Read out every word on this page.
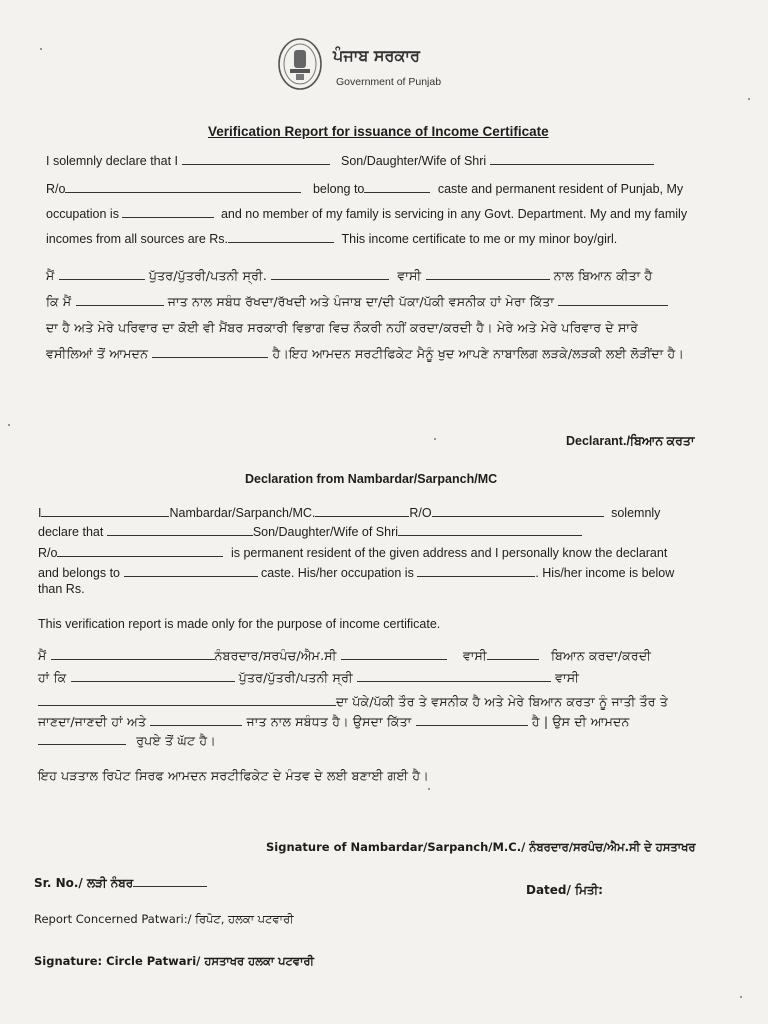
ਪੰਜਾਬ ਸਰਕਾਰ
Government of Punjab
Verification Report for issuance of Income Certificate
I solemnly declare that I	Son/Daughter/Wife of Shri
R/o	belong to	caste and permanent resident of Punjab, My
occupation is	and no member of my family is servicing in any Govt. Department. My and my family
incomes from all sources are Rs.	This income certificate to me or my minor boy/girl.
ਮੈਂ	ਪੁੱਤਰ/ਪੁੱਤਰੀ/ਪਤਨੀ ਸ੍ਰੀ.	ਵਾਸੀ	ਨਾਲ ਬਿਆਨ ਕੀਤਾ ਹੈ
ਕਿ ਮੈਂ	ਜਾਤ ਨਾਲ ਸਬੰਧ ਰੱਖਦਾ/ਰੱਖਦੀ ਅਤੇ ਪੰਜਾਬ ਦਾ/ਦੀ ਪੱਕਾ/ਪੱਕੀ ਵਸਨੀਕ ਹਾਂ ਮੇਰਾ ਕਿੱਤਾ
ਦਾ ਹੈ ਅਤੇ ਮੇਰੇ ਪਰਿਵਾਰ ਦਾ ਕੋਈ ਵੀ ਮੈਂਬਰ ਸਰਕਾਰੀ ਵਿਭਾਗ ਵਿਚ ਨੌਕਰੀ ਨਹੀਂ ਕਰਦਾ/ਕਰਦੀ ਹੈ। ਮੇਰੇ ਅਤੇ ਮੇਰੇ ਪਰਿਵਾਰ ਦੇ ਸਾਰੇ
ਵਸੀਲਿਆਂ ਤੋਂ ਆਮਦਨ	ਹੈ।ਇਹ ਆਮਦਨ ਸਰਟੀਫਿਕੇਟ ਮੈਨੂੰ ਖੁਦ ਆਪਣੇ ਨਾਬਾਲਿਗ ਲੜਕੇ/ਲੜਕੀ ਲਈ ਲੋੜੀਂਦਾ ਹੈ।
Declarant./ਬਿਆਨ ਕਰਤਾ
Declaration from Nambardar/Sarpanch/MC
I	Nambardar/Sarpanch/MC.	R/O	solemnly
declare that	Son/Daughter/Wife of Shri
R/o	is permanent resident of the given address and I personally know the declarant
and belongs to	caste. His/her occupation is	. His/her income is below
than Rs.
This verification report is made only for the purpose of income certificate.
ਮੈਂ	ਨੰਬਰਦਾਰ/ਸਰਪੰਚ/ਐਮ.ਸੀ	ਵਾਸੀ	ਬਿਆਨ ਕਰਦਾ/ਕਰਦੀ
ਹਾਂ ਕਿ	ਪੁੱਤਰ/ਪੁੱਤਰੀ/ਪਤਨੀ ਸ੍ਰੀ	ਵਾਸੀ
ਦਾ ਪੱਕੇ/ਪੱਕੀ ਤੌਰ ਤੇ ਵਸਨੀਕ ਹੈ ਅਤੇ ਮੇਰੇ ਬਿਆਨ ਕਰਤਾ ਨੂੰ ਜਾਤੀ ਤੌਰ ਤੇ
ਜਾਣਦਾ/ਜਾਣਦੀ ਹਾਂ ਅਤੇ	ਜਾਤ ਨਾਲ ਸਬੰਧਤ ਹੈ। ਉਸਦਾ ਕਿੱਤਾ	ਹੈ | ਉਸ ਦੀ ਆਮਦਨ
ਰੁਪਏ ਤੋਂ ਘੱਟ ਹੈ।
ਇਹ ਪੜਤਾਲ ਰਿਪੋਟ ਸਿਰਫ ਆਮਦਨ ਸਰਟੀਫਿਕੇਟ ਦੇ ਮੰਤਵ ਦੇ ਲਈ ਬਣਾਈ ਗਈ ਹੈ।
Signature of Nambardar/Sarpanch/M.C./ ਨੰਬਰਦਾਰ/ਸਰਪੰਚ/ਐਮ.ਸੀ ਦੇ ਹਸਤਾਖਰ
Sr. No./ ਲੜੀ ਨੰਬਰ	Dated/ ਮਿਤੀ:
Report Concerned Patwari:/ ਰਿਪੋਟ, ਹਲਕਾ ਪਟਵਾਰੀ
Signature: Circle Patwari/ ਹਸਤਾਖਰ ਹਲਕਾ ਪਟਵਾਰੀ
